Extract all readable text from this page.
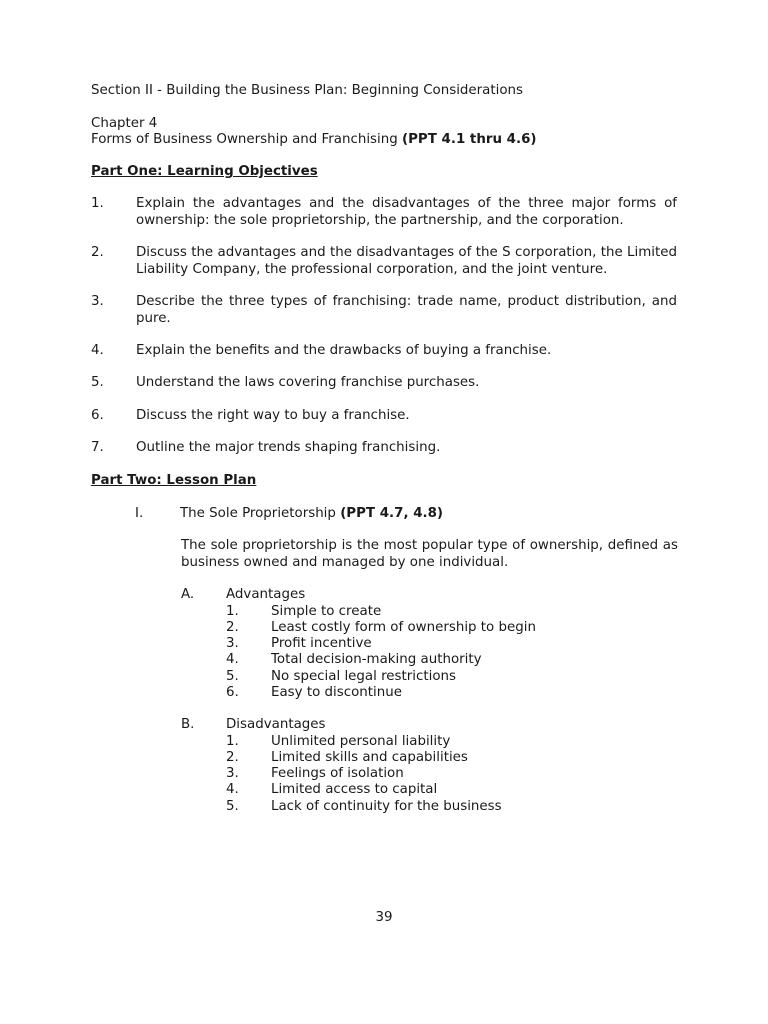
Section II - Building the Business Plan: Beginning Considerations
Chapter 4
Forms of Business Ownership and Franchising (PPT 4.1 thru 4.6)
Part One: Learning Objectives
1. Explain the advantages and the disadvantages of the three major forms of ownership: the sole proprietorship, the partnership, and the corporation.
2. Discuss the advantages and the disadvantages of the S corporation, the Limited Liability Company, the professional corporation, and the joint venture.
3. Describe the three types of franchising: trade name, product distribution, and pure.
4. Explain the benefits and the drawbacks of buying a franchise.
5. Understand the laws covering franchise purchases.
6. Discuss the right way to buy a franchise.
7. Outline the major trends shaping franchising.
Part Two: Lesson Plan
I.	The Sole Proprietorship (PPT 4.7, 4.8)
The sole proprietorship is the most popular type of ownership, defined as business owned and managed by one individual.
A. Advantages
1. Simple to create
2. Least costly form of ownership to begin
3. Profit incentive
4. Total decision-making authority
5. No special legal restrictions
6. Easy to discontinue
B. Disadvantages
1. Unlimited personal liability
2. Limited skills and capabilities
3. Feelings of isolation
4. Limited access to capital
5. Lack of continuity for the business
39
